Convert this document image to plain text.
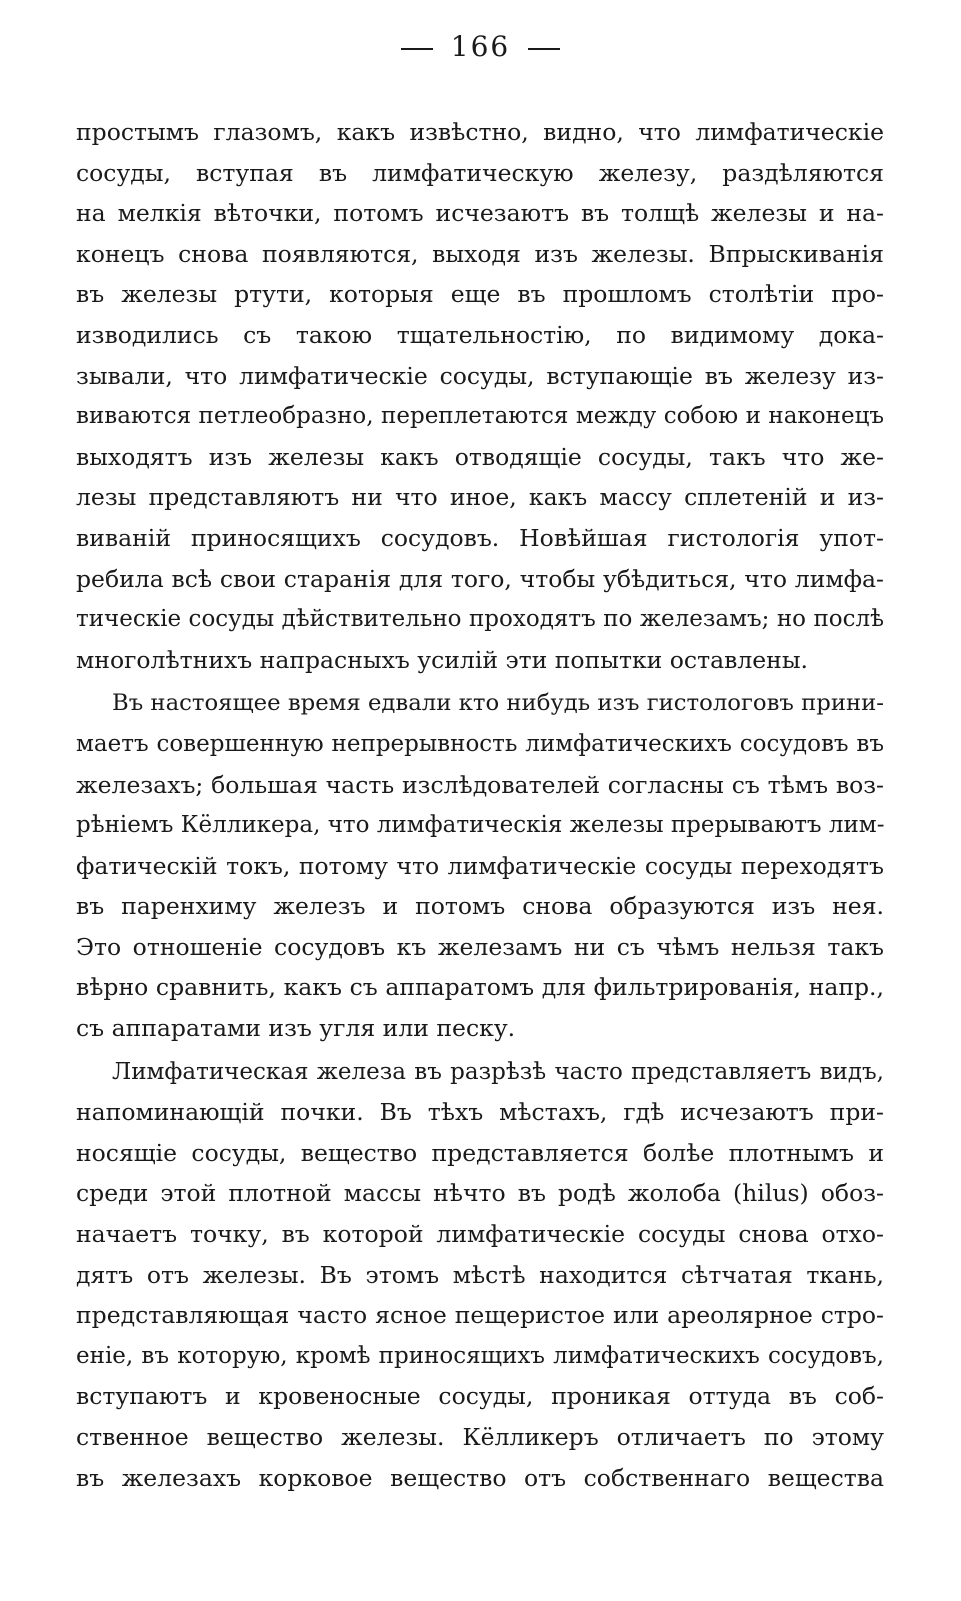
166
простымъ глазомъ, какъ извѣстно, видно, что лимфатическіе
сосуды, вступая въ лимфатическую железу, раздѣляются
на мелкія вѣточки, потомъ исчезаютъ въ толщѣ железы и на-
конецъ снова появляются, выходя изъ железы. Впрыскиванія
въ железы ртути, которыя еще въ прошломъ столѣтіи про-
изводились съ такою тщательностію, по видимому дока-
зывали, что лимфатическіе сосуды, вступающіе въ железу из-
виваются петлеобразно, переплетаются между собою и наконецъ
выходятъ изъ железы какъ отводящіе сосуды, такъ что же-
лезы представляютъ ни что иное, какъ массу сплетеній и из-
виваній приносящихъ сосудовъ. Новѣйшая гистологія упот-
ребила всѣ свои старанія для того, чтобы убѣдиться, что лимфа-
тическіе сосуды дѣйствительно проходятъ по железамъ; но послѣ
многолѣтнихъ напрасныхъ усилій эти попытки оставлены.
Въ настоящее время едвали кто нибудь изъ гистологовъ прини-
маетъ совершенную непрерывность лимфатическихъ сосудовъ въ
железахъ; большая часть изслѣдователей согласны съ тѣмъ воз-
рѣніемъ Кёлликера, что лимфатическія железы прерываютъ лим-
фатическій токъ, потому что лимфатическіе сосуды переходятъ
въ паренхиму железъ и потомъ снова образуются изъ нея.
Это отношеніе сосудовъ къ железамъ ни съ чѣмъ нельзя такъ
вѣрно сравнить, какъ съ аппаратомъ для фильтрированія, напр.,
съ аппаратами изъ угля или песку.
Лимфатическая железа въ разрѣзѣ часто представляетъ видъ,
напоминающій почки. Въ тѣхъ мѣстахъ, гдѣ исчезаютъ при-
носящіе сосуды, вещество представляется болѣе плотнымъ и
среди этой плотной массы нѣчто въ родѣ жолоба (hilus) обоз-
начаетъ точку, въ которой лимфатическіе сосуды снова отхо-
дятъ отъ железы. Въ этомъ мѣстѣ находится сѣтчатая ткань,
представляющая часто ясное пещеристое или ареолярное стро-
еніе, въ которую, кромѣ приносящихъ лимфатическихъ сосудовъ,
вступаютъ и кровеносные сосуды, проникая оттуда въ соб-
ственное вещество железы. Кёлликеръ отличаетъ по этому
въ железахъ корковое вещество отъ собственнаго вещества
